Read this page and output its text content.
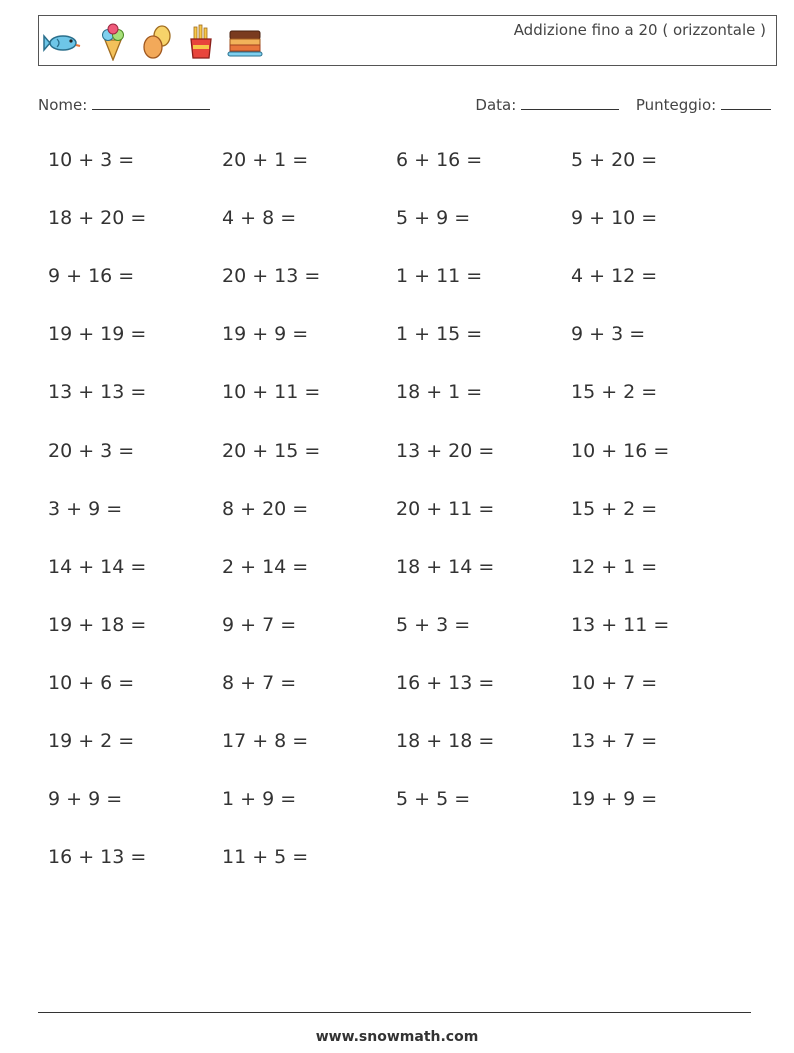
Addizione fino a 20 ( orizzontale )
Nome:	Data:	Punteggio:
10 + 3 =	20 + 1 =	6 + 16 =	5 + 20 =
18 + 20 =	4 + 8 =	5 + 9 =	9 + 10 =
9 + 16 =	20 + 13 =	1 + 11 =	4 + 12 =
19 + 19 =	19 + 9 =	1 + 15 =	9 + 3 =
13 + 13 =	10 + 11 =	18 + 1 =	15 + 2 =
20 + 3 =	20 + 15 =	13 + 20 =	10 + 16 =
3 + 9 =	8 + 20 =	20 + 11 =	15 + 2 =
14 + 14 =	2 + 14 =	18 + 14 =	12 + 1 =
19 + 18 =	9 + 7 =	5 + 3 =	13 + 11 =
10 + 6 =	8 + 7 =	16 + 13 =	10 + 7 =
19 + 2 =	17 + 8 =	18 + 18 =	13 + 7 =
9 + 9 =	1 + 9 =	5 + 5 =	19 + 9 =
16 + 13 =	11 + 5 =
www.snowmath.com
